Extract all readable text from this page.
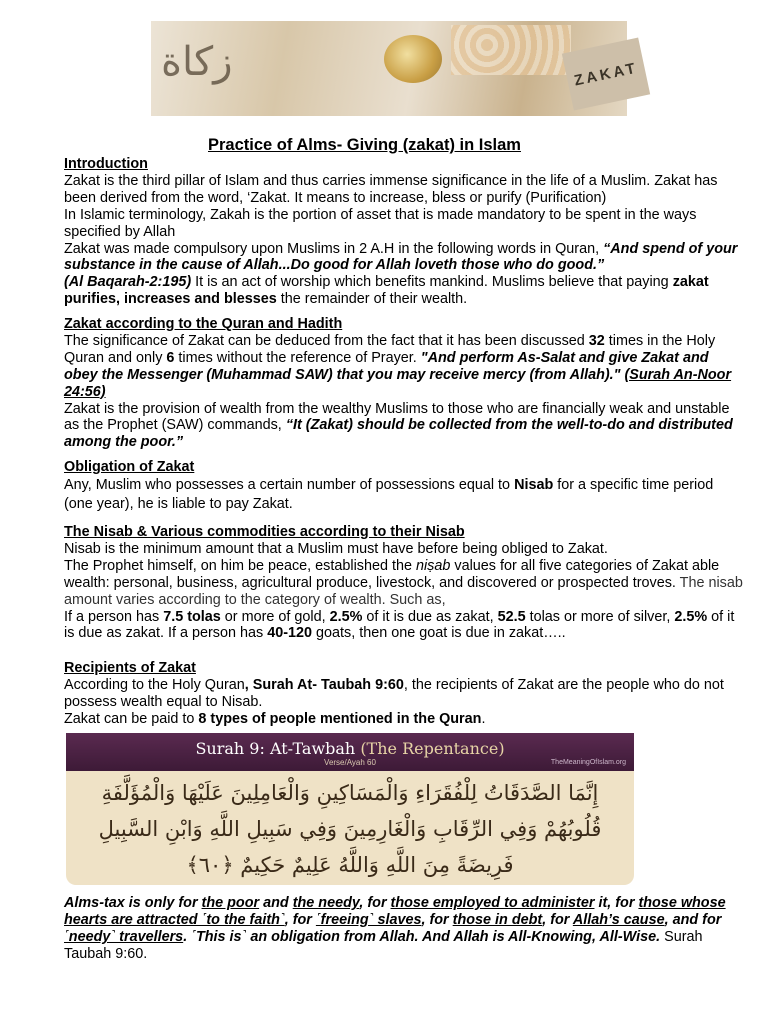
زكاة	ZAKAT
Practice of Alms- Giving (zakat) in Islam

Introduction

Zakat is the third pillar of Islam and thus carries immense significance in the life of a Muslim. Zakat has been derived from the word, ‘Zakat. It means to increase, bless or purify (Purification)

In Islamic terminology, Zakah is the portion of asset that is made mandatory to be spent in the ways specified by Allah

Zakat was made compulsory upon Muslims in 2 A.H in the following words in Quran, “And spend of your substance in the cause of Allah...Do good for Allah loveth those who do good.”
(Al Baqarah-2:195) It is an act of worship which benefits mankind. Muslims believe that paying zakat purifies, increases and blesses the remainder of their wealth.

Zakat according to the Quran and Hadith

The significance of Zakat can be deduced from the fact that it has been discussed 32 times in the Holy Quran and only 6 times without the reference of Prayer. "And perform As-Salat and give Zakat and obey the Messenger (Muhammad SAW) that you may receive mercy (from Allah)." (Surah An-Noor 24:56)

Zakat is the provision of wealth from the wealthy Muslims to those who are financially weak and unstable as the Prophet (SAW) commands, “It (Zakat) should be collected from the well-to-do and distributed among the poor.”

Obligation of Zakat

Any, Muslim who possesses a certain number of possessions equal to Nisab for a specific time period (one year), he is liable to pay Zakat.

The Nisab & Various commodities according to their Nisab

Nisab is the minimum amount that a Muslim must have before being obliged to Zakat.

The Prophet himself, on him be peace, established the niṣab values for all five categories of Zakat able wealth: personal, business, agricultural produce, livestock, and discovered or prospected troves. The nisab amount varies according to the category of wealth. Such as,

If a person has 7.5 tolas or more of gold, 2.5% of it is due as zakat, 52.5 tolas or more of silver, 2.5% of it is due as zakat. If a person has 40-120 goats, then one goat is due in zakat…..

Recipients of Zakat

According to the Holy Quran, Surah At- Taubah 9:60, the recipients of Zakat are the people who do not possess wealth equal to Nisab.

Zakat can be paid to 8 types of people mentioned in the Quran.

Surah 9: At-Tawbah (The Repentance)
Verse/Ayah 60	TheMeaningOfIslam.org
إِنَّمَا الصَّدَقَاتُ لِلْفُقَرَاءِ وَالْمَسَاكِينِ وَالْعَامِلِينَ عَلَيْهَا وَالْمُؤَلَّفَةِ قُلُوبُهُمْ وَفِي الرِّقَابِ وَالْغَارِمِينَ وَفِي سَبِيلِ اللَّهِ وَابْنِ السَّبِيلِ فَرِيضَةً مِنَ اللَّهِ وَاللَّهُ عَلِيمٌ حَكِيمٌ ﴿٦٠﴾

Alms-tax is only for the poor and the needy, for those employed to administer it, for those whose hearts are attracted ˹to the faith˺, for ˹freeing˺ slaves, for those in debt, for Allah’s cause, and for ˹needy˺ travellers. ˹This is˺ an obligation from Allah. And Allah is All-Knowing, All-Wise. Surah Taubah 9:60.
